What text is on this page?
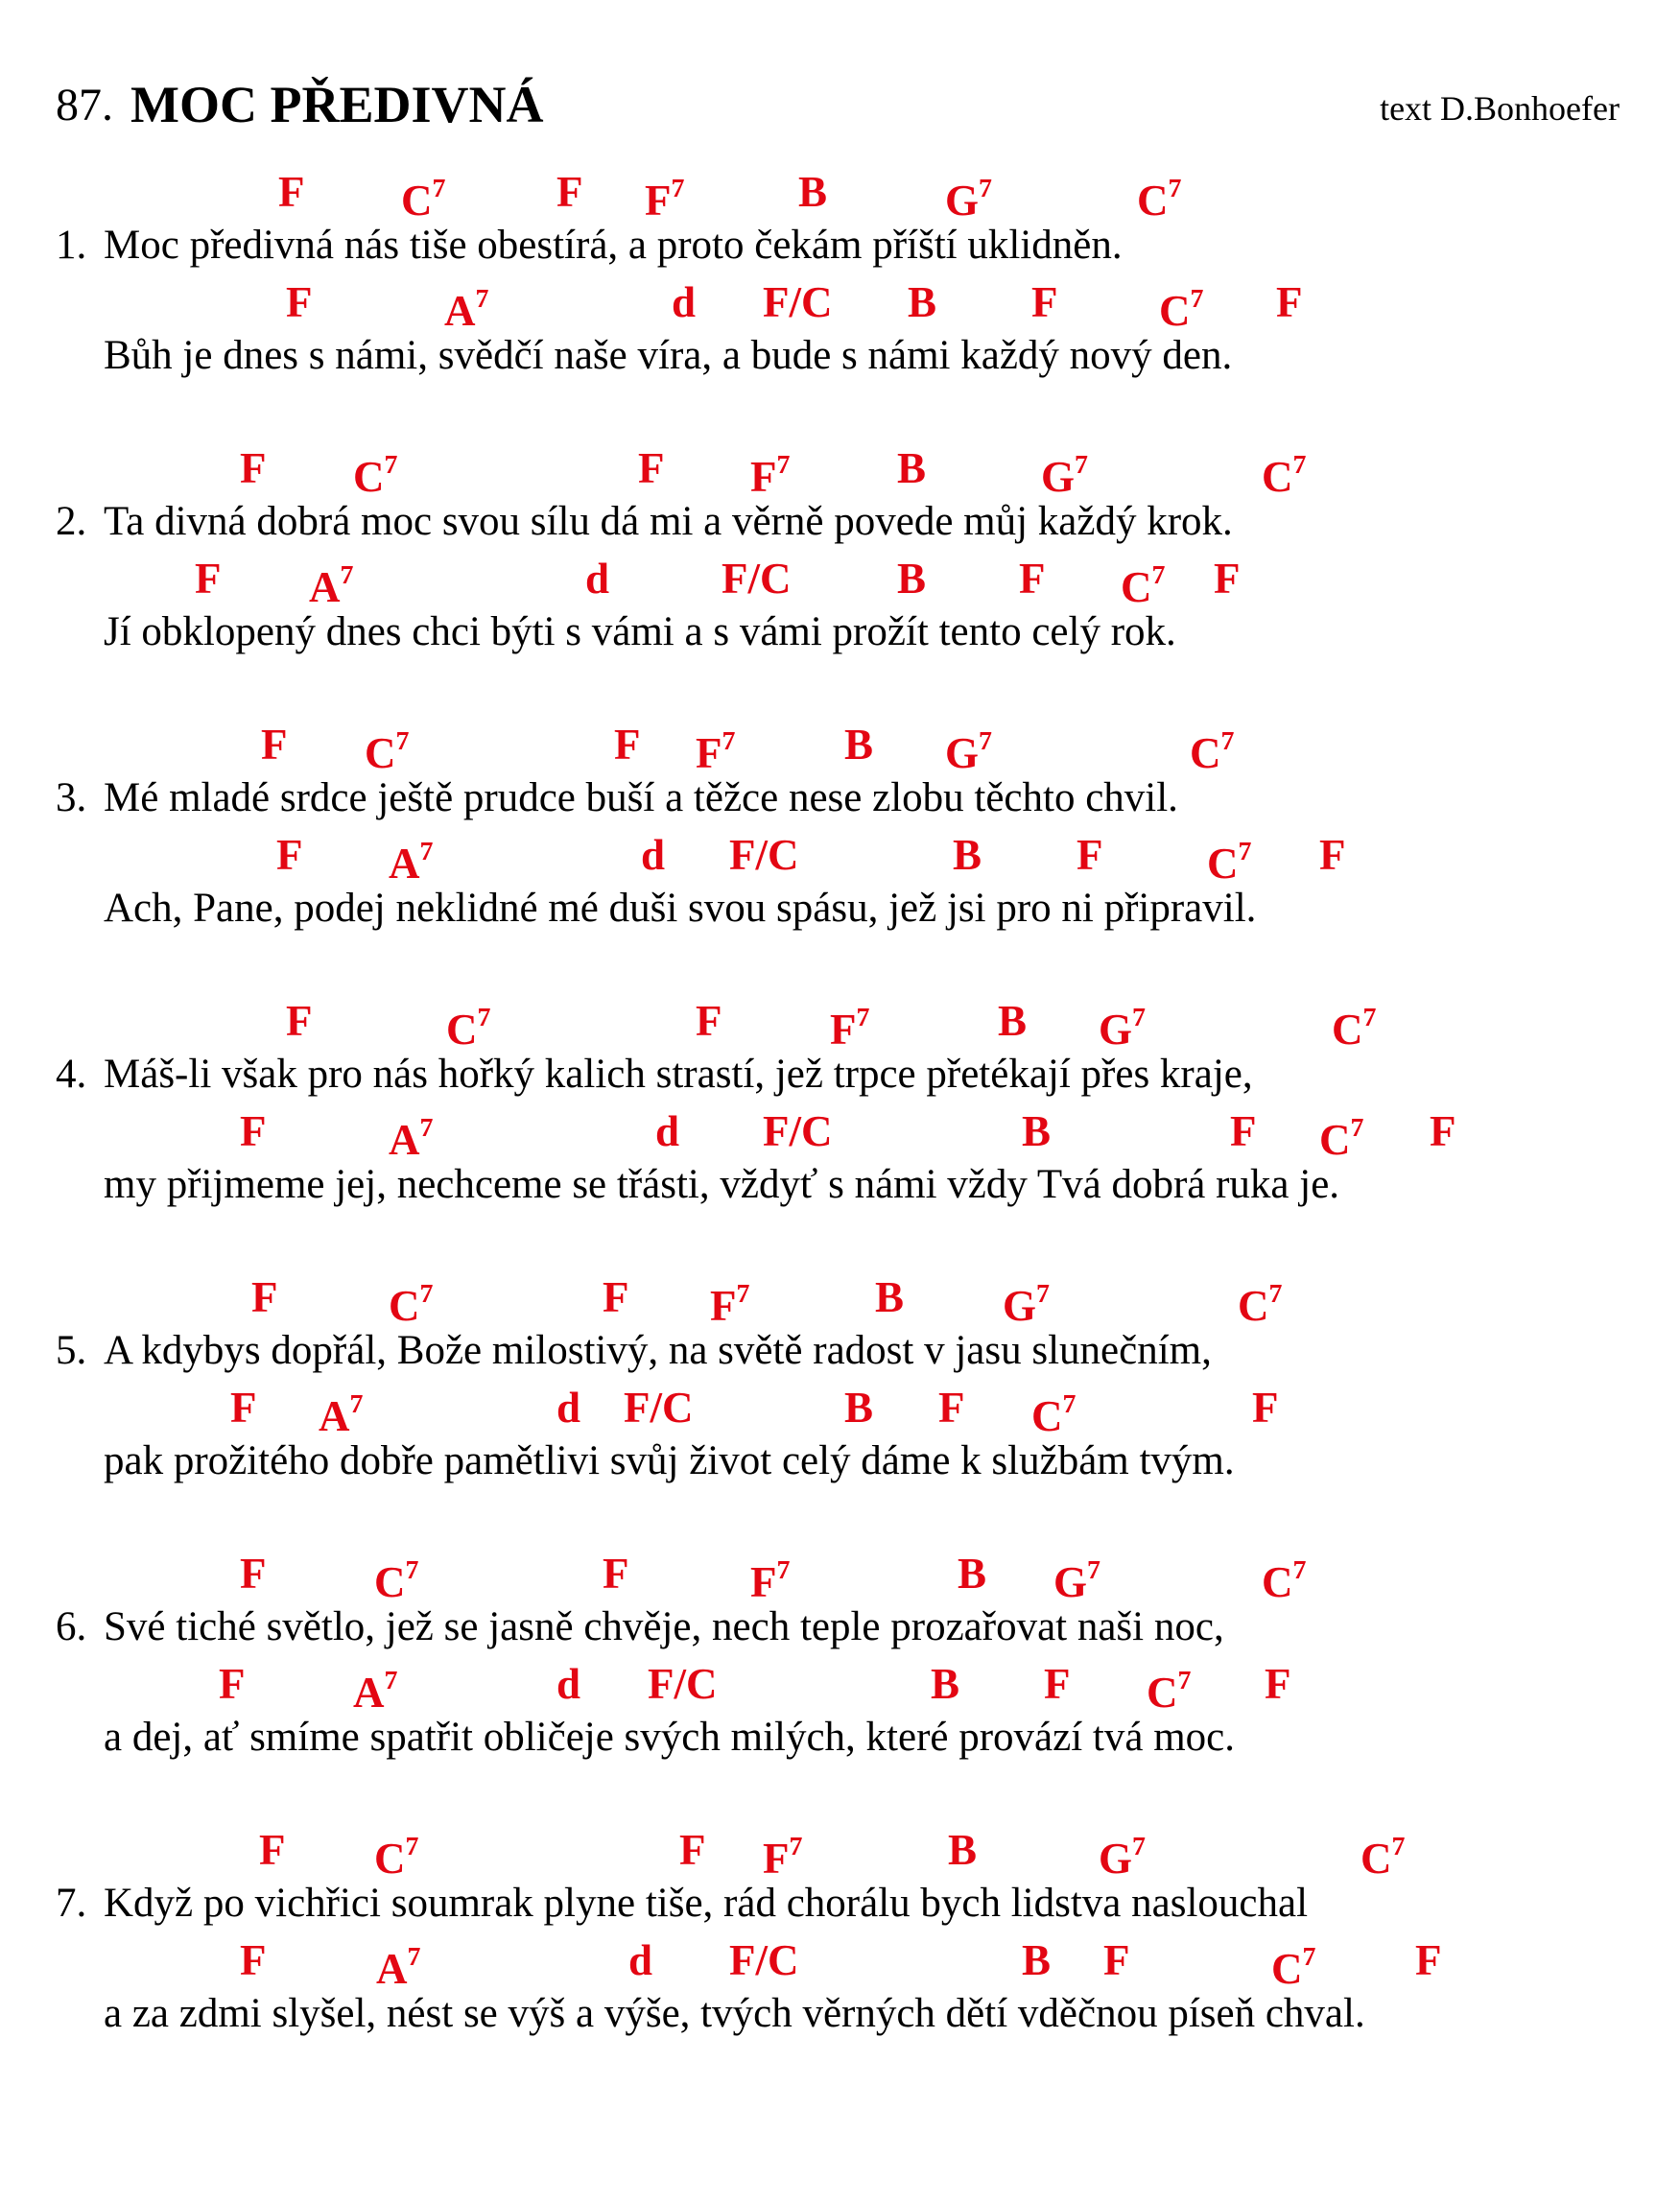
87. MOC PŘEDIVNÁ	text D.Bonhoefer
F $C^7$	F $F^7$	B	$G^7$	$C^7$
1. Moc předivná nás tiše obestírá, a proto čekám příští uklidněn.
F	$A^7$	d F/C B F $C^7$ F
Bůh je dnes s námi, svědčí naše víra, a bude s námi každý nový den.
F $C^7$	F $F^7$ B	$G^7$	$C^7$
2. Ta divná dobrá moc svou sílu dá mi a věrně povede můj každý krok.
F $A^7$	d	F/C B F $C^7$ F
Jí obklopený dnes chci býti s vámi a s vámi prožít tento celý rok.
F $C^7$	F $F^7$	B $G^7$	$C^7$
3. Mé mladé srdce ještě prudce buší a těžce nese zlobu těchto chvil.
F $A^7$	d F/C	B F $C^7$ F
Ach, Pane, podej neklidné mé duši svou spásu, jež jsi pro ni připravil.
F	$C^7$	F	$F^7$	B $G^7$	$C^7$
4. Máš-li však pro nás hořký kalich strastí, jež trpce přetékají přes kraje,
F	$A^7$	d F/C	B	F $C^7$ F
my přijmeme jej, nechceme se třásti, vždyť s námi vždy Tvá dobrá ruka je.
F	$C^7$	F $F^7$	B $G^7$	$C^7$
5. A kdybys dopřál, Bože milostivý, na světě radost v jasu slunečním,
F $A^7$	d F/C	B F $C^7$	F
pak prožitého dobře pamětlivi svůj život celý dáme k službám tvým.
F	$C^7$	F	$F^7$	B $G^7$	$C^7$
6. Své tiché světlo, jež se jasně chvěje, nech teple prozařovat naši noc,
F	$A^7$	d F/C	B F $C^7$ F
a dej, ať smíme spatřit obličeje svých milých, které provází tvá moc.
F $C^7$	F $F^7$	B	$G^7$	$C^7$
7. Když po vichřici soumrak plyne tiše, rád chorálu bych lidstva naslouchal
F	$A^7$	d F/C	B F	$C^7$ F
a za zdmi slyšel, nést se výš a výše, tvých věrných dětí vděčnou píseň chval.
